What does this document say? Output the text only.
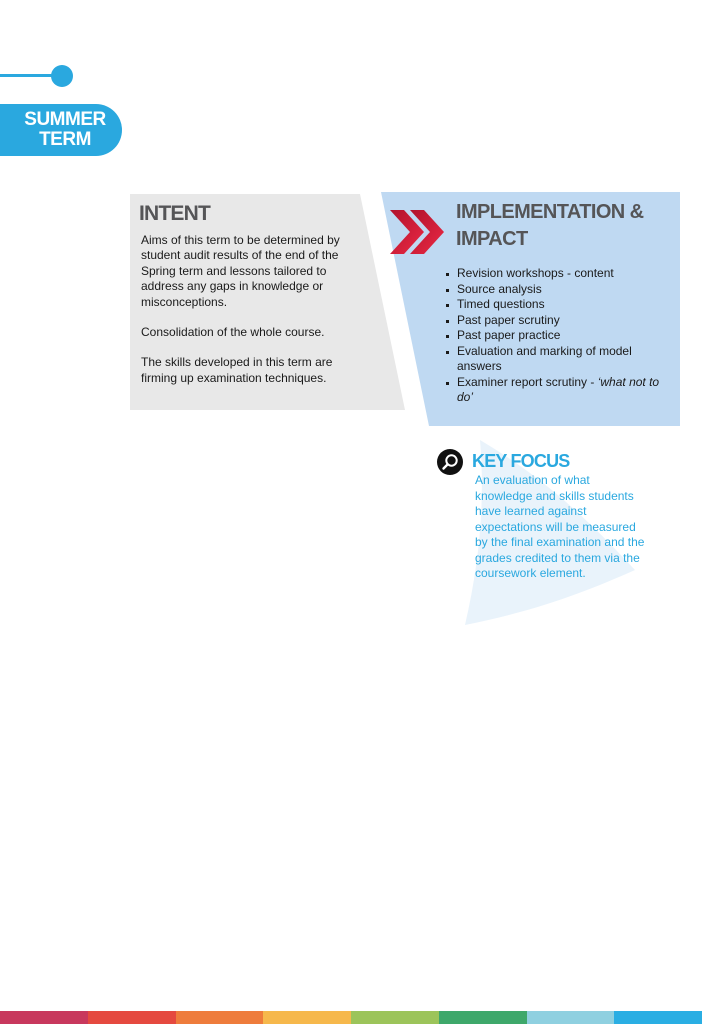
SUMMER
TERM
INTENT

Aims of this term to be determined by student audit results of the end of the Spring term and lessons tailored to address any gaps in knowledge or misconceptions.

Consolidation of the whole course.

The skills developed in this term are firming up examination techniques.

IMPLEMENTATION & IMPACT
Revision workshops - content
Source analysis
Timed questions
Past paper scrutiny
Past paper practice
Evaluation and marking of model answers
Examiner report scrutiny - ‘what not to do’
KEY FOCUS
An evaluation of what knowledge and skills students have learned against expectations will be measured by the final examination and the grades credited to them via the coursework element.
